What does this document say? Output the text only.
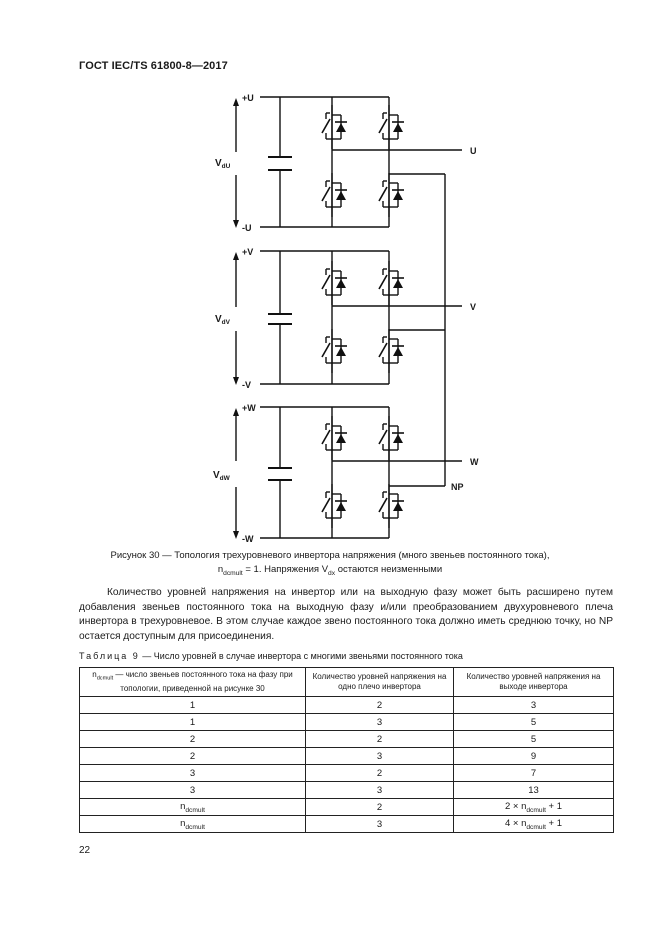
ГОСТ IEC/TS 61800-8—2017
+U
-U
+V
-V
+W
-W
$V_{dU}$
$V_{dV}$
$V_{dW}$
U
V
W
NP
Рисунок 30 — Топология трехуровневого инвертора напряжения (много звеньев постоянного тока),
$n_{dcmult} = 1$. Напряжения $V_{dx}$ остаются неизменными

Количество уровней напряжения на инвертор или на выходную фазу может быть расширено путем добавления звеньев постоянного тока на выходную фазу и/или преобразованием двухуровневого плеча инвертора в трехуровневое. В этом случае каждое звено постоянного тока должно иметь среднюю точку, но NP остается доступным для присоединения.

Таблица 9 — Число уровней в случае инвертора с многими звеньями постоянного тока
$n_{dcmult}$ — число звеньев постоянного тока на фазу при топологии, приведенной на рисунке 30	Количество уровней напряжения на одно плечо инвертора	Количество уровней напряжения на выходе инвертора
1	2	3
1	3	5
2	2	5
2	3	9
3	2	7
3	3	13
$n_{dcmult}$	2	$2 \times n_{dcmult} + 1$
$n_{dcmult}$	3	$4 \times n_{dcmult} + 1$
22
